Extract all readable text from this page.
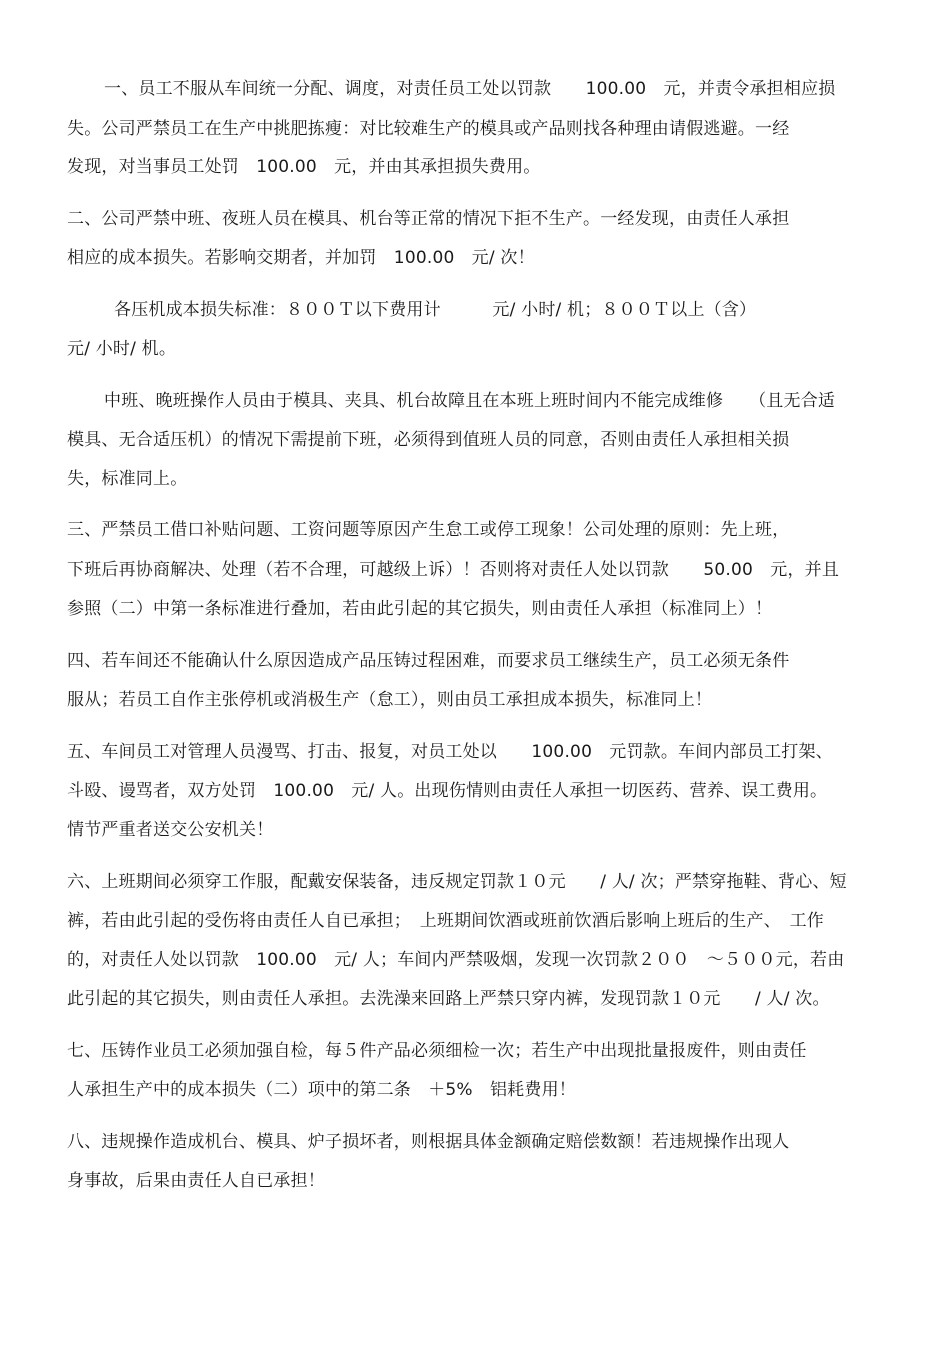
一、员工不服从车间统一分配、调度，对责任员工处以罚款　　100.00　元，并责令承担相应损
失。公司严禁员工在生产中挑肥拣瘦：对比较难生产的模具或产品则找各种理由请假逃避。一经
发现，对当事员工处罚　100.00　元，并由其承担损失费用。
二、公司严禁中班、夜班人员在模具、机台等正常的情况下拒不生产。一经发现，由责任人承担
相应的成本损失。若影响交期者，并加罚　100.00　元/ 次！
各压机成本损失标准：８００Ｔ以下费用计　　　元/ 小时/ 机；８００Ｔ以上（含）
元/ 小时/ 机。
中班、晚班操作人员由于模具、夹具、机台故障且在本班上班时间内不能完成维修　　（且无合适
模具、无合适压机）的情况下需提前下班，必须得到值班人员的同意，否则由责任人承担相关损
失，标准同上。
三、严禁员工借口补贴问题、工资问题等原因产生怠工或停工现象！公司处理的原则：先上班，
下班后再协商解决、处理（若不合理，可越级上诉）！否则将对责任人处以罚款　　50.00　元，并且
参照（二）中第一条标准进行叠加，若由此引起的其它损失，则由责任人承担（标准同上）！
四、若车间还不能确认什么原因造成产品压铸过程困难，而要求员工继续生产，员工必须无条件
服从；若员工自作主张停机或消极生产（怠工），则由员工承担成本损失，标准同上！
五、车间员工对管理人员漫骂、打击、报复，对员工处以　　100.00　元罚款。车间内部员工打架、
斗殴、谩骂者，双方处罚　100.00　元/ 人。出现伤情则由责任人承担一切医药、营养、误工费用。
情节严重者送交公安机关！
六、上班期间必须穿工作服，配戴安保装备，违反规定罚款１０元　　/ 人/ 次；严禁穿拖鞋、背心、短
裤，若由此引起的受伤将由责任人自已承担；　上班期间饮酒或班前饮酒后影响上班后的生产、　工作
的，对责任人处以罚款　100.00　元/ 人；车间内严禁吸烟，发现一次罚款２００　～５００元，若由
此引起的其它损失，则由责任人承担。去洗澡来回路上严禁只穿内裤，发现罚款１０元　　/ 人/ 次。
七、压铸作业员工必须加强自检，每５件产品必须细检一次；若生产中出现批量报废件，则由责任
人承担生产中的成本损失（二）项中的第二条　＋5%　铝耗费用！
八、违规操作造成机台、模具、炉子损坏者，则根据具体金额确定赔偿数额！若违规操作出现人
身事故，后果由责任人自已承担！
